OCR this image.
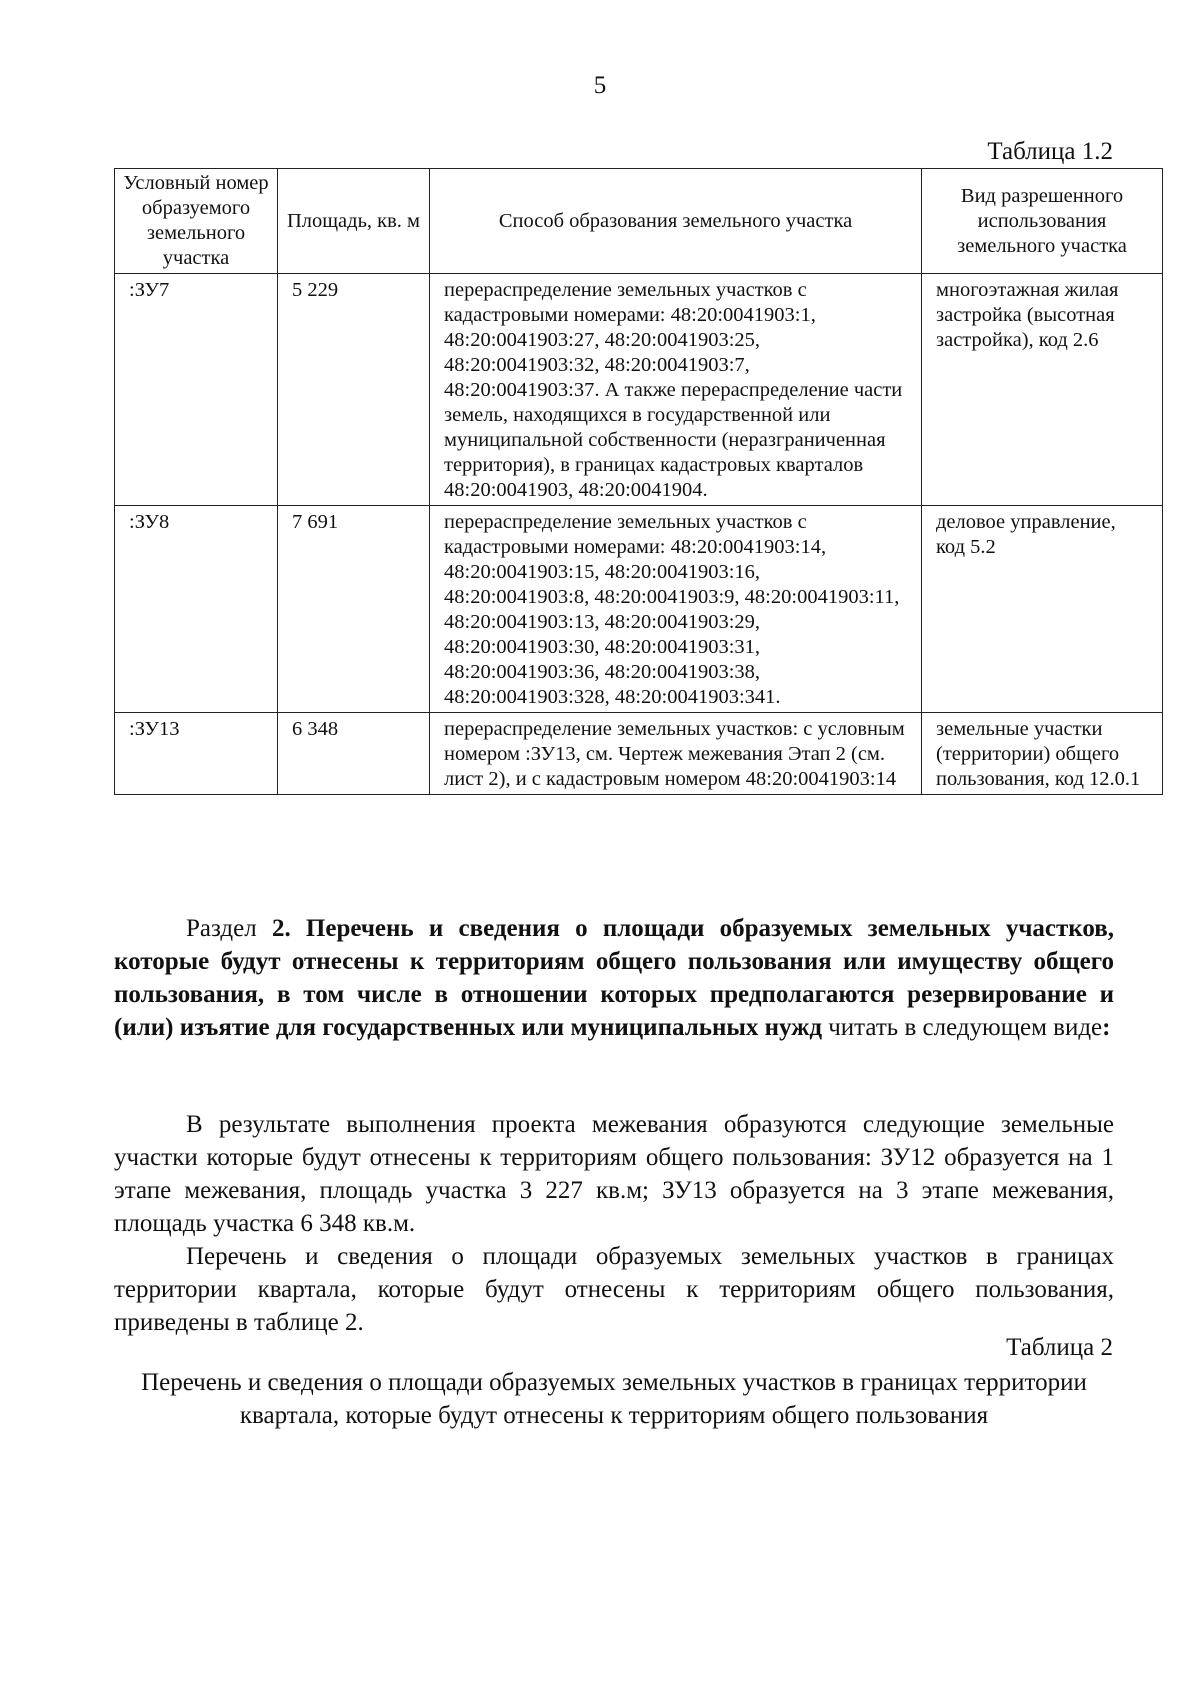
5
Таблица 1.2
Условный номер образуемого земельного участка	Площадь, кв. м	Способ образования земельного участка	Вид разрешенного использования земельного участка
:ЗУ7	5 229	перераспределение земельных участков с кадастровыми номерами: 48:20:0041903:1, 48:20:0041903:27, 48:20:0041903:25, 48:20:0041903:32, 48:20:0041903:7, 48:20:0041903:37. А также перераспределение части земель, находящихся в государственной или муниципальной собственности (неразграниченная территория), в границах кадастровых кварталов 48:20:0041903, 48:20:0041904.	многоэтажная жилая застройка (высотная застройка), код 2.6
:ЗУ8	7 691	перераспределение земельных участков с кадастровыми номерами: 48:20:0041903:14, 48:20:0041903:15, 48:20:0041903:16, 48:20:0041903:8, 48:20:0041903:9, 48:20:0041903:11, 48:20:0041903:13, 48:20:0041903:29, 48:20:0041903:30, 48:20:0041903:31, 48:20:0041903:36, 48:20:0041903:38, 48:20:0041903:328, 48:20:0041903:341.	деловое управление, код 5.2
:ЗУ13	6 348	перераспределение земельных участков: с условным номером :ЗУ13, см. Чертеж межевания Этап 2 (см. лист 2), и с кадастровым номером 48:20:0041903:14	земельные участки (территории) общего пользования, код 12.0.1

Раздел 2. Перечень и сведения о площади образуемых земельных участков, которые будут отнесены к территориям общего пользования или имуществу общего пользования, в том числе в отношении которых предполагаются резервирование и (или) изъятие для государственных или муниципальных нужд читать в следующем виде:

В результате выполнения проекта межевания образуются следующие земельные участки которые будут отнесены к территориям общего пользования: ЗУ12 образуется на 1 этапе межевания, площадь участка 3 227 кв.м; ЗУ13 образуется на 3 этапе межевания, площадь участка 6 348 кв.м.

Перечень и сведения о площади образуемых земельных участков в границах территории квартала, которые будут отнесены к территориям общего пользования, приведены в таблице 2.

Таблица 2
Перечень и сведения о площади образуемых земельных участков в границах территории квартала, которые будут отнесены к территориям общего пользования
